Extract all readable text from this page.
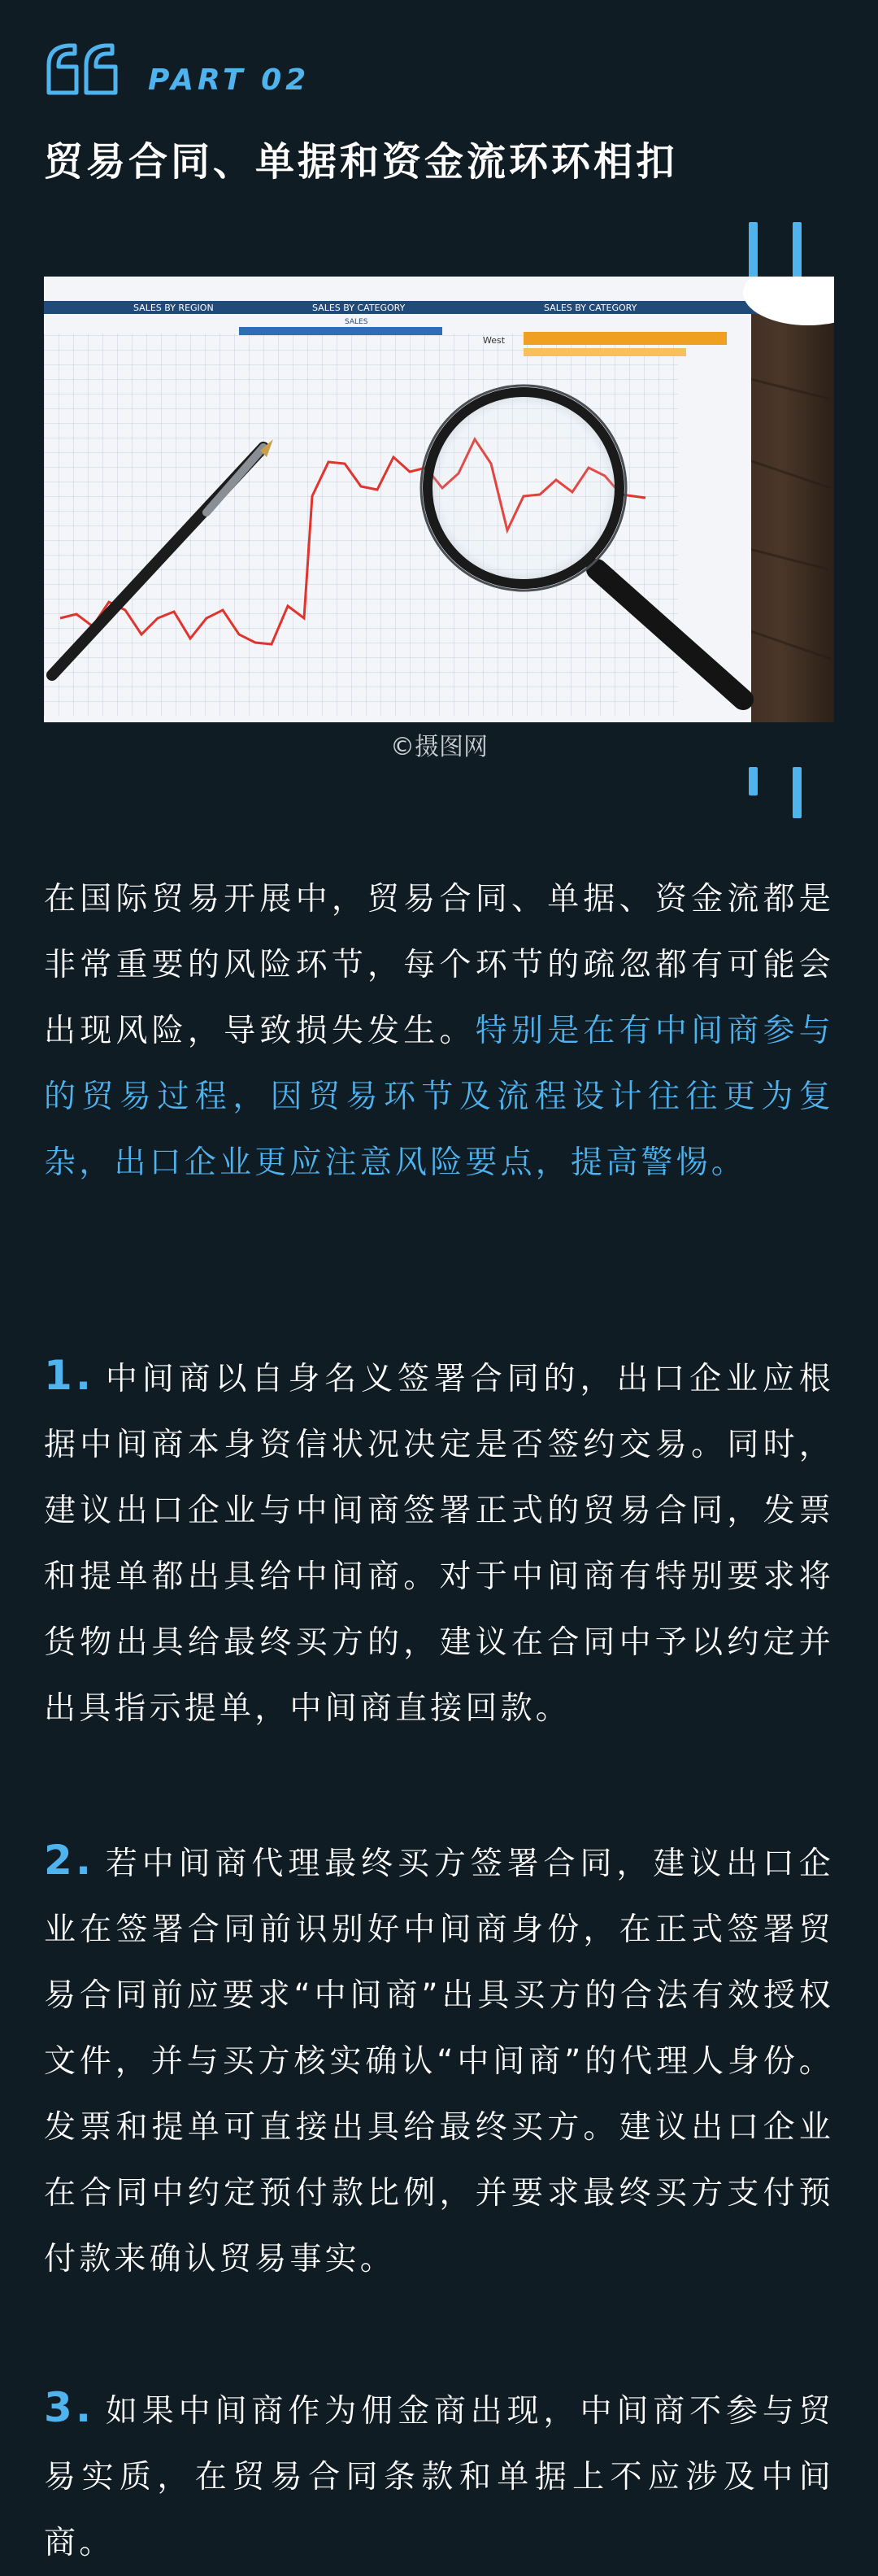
PART 02
贸易合同、单据和资金流环环相扣
SALES BY REGION	SALES BY CATEGORY	SALES BY CATEGORY
SALES
West
©摄图网
在国际贸易开展中，贸易合同、单据、资金流都是非常重要的风险环节，每个环节的疏忽都有可能会出现风险，导致损失发生。特别是在有中间商参与的贸易过程，因贸易环节及流程设计往往更为复杂，出口企业更应注意风险要点，提高警惕。
1. 中间商以自身名义签署合同的，出口企业应根据中间商本身资信状况决定是否签约交易。同时，建议出口企业与中间商签署正式的贸易合同，发票和提单都出具给中间商。对于中间商有特别要求将货物出具给最终买方的，建议在合同中予以约定并出具指示提单，中间商直接回款。
2. 若中间商代理最终买方签署合同，建议出口企业在签署合同前识别好中间商身份，在正式签署贸易合同前应要求“中间商”出具买方的合法有效授权文件，并与买方核实确认“中间商”的代理人身份。发票和提单可直接出具给最终买方。建议出口企业在合同中约定预付款比例，并要求最终买方支付预付款来确认贸易事实。
3. 如果中间商作为佣金商出现，中间商不参与贸易实质，在贸易合同条款和单据上不应涉及中间商。
